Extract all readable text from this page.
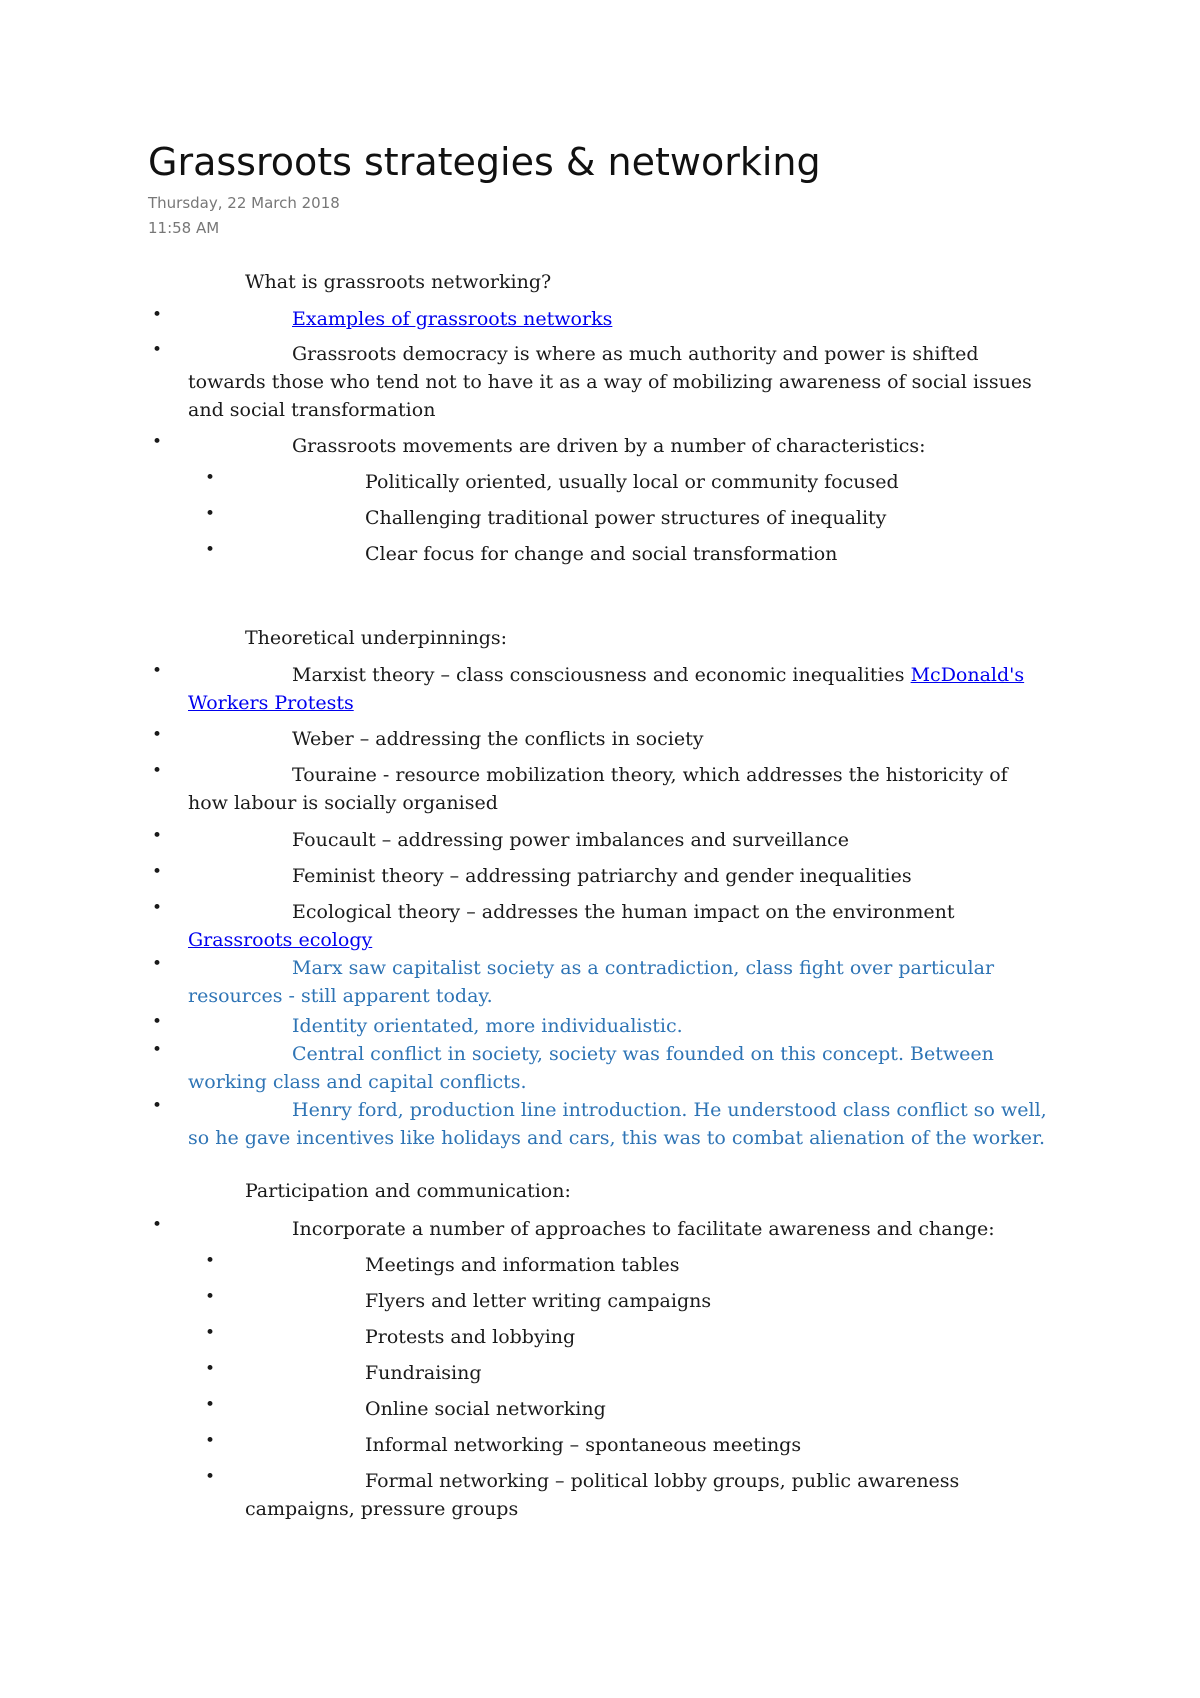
Grassroots strategies & networking
Thursday, 22 March 2018
11:58 AM
What is grassroots networking?
•	Examples of grassroots networks
•	Grassroots democracy is where as much authority and power is shifted
towards those who tend not to have it as a way of mobilizing awareness of social issues
and social transformation
•	Grassroots movements are driven by a number of characteristics:
•	Politically oriented, usually local or community focused
•	Challenging traditional power structures of inequality
•	Clear focus for change and social transformation
Theoretical underpinnings:
•	Marxist theory – class consciousness and economic inequalities McDonald's
Workers Protests
•	Weber – addressing the conflicts in society
•	Touraine - resource mobilization theory, which addresses the historicity of
how labour is socially organised
•	Foucault – addressing power imbalances and surveillance
•	Feminist theory – addressing patriarchy and gender inequalities
•	Ecological theory – addresses the human impact on the environment
Grassroots ecology
•	Marx saw capitalist society as a contradiction, class fight over particular
resources - still apparent today.
•	Identity orientated, more individualistic.
•	Central conflict in society, society was founded on this concept. Between
working class and capital conflicts.
•	Henry ford, production line introduction. He understood class conflict so well,
so he gave incentives like holidays and cars, this was to combat alienation of the worker.
Participation and communication:
•	Incorporate a number of approaches to facilitate awareness and change:
•	Meetings and information tables
•	Flyers and letter writing campaigns
•	Protests and lobbying
•	Fundraising
•	Online social networking
•	Informal networking – spontaneous meetings
•	Formal networking – political lobby groups, public awareness
campaigns, pressure groups
